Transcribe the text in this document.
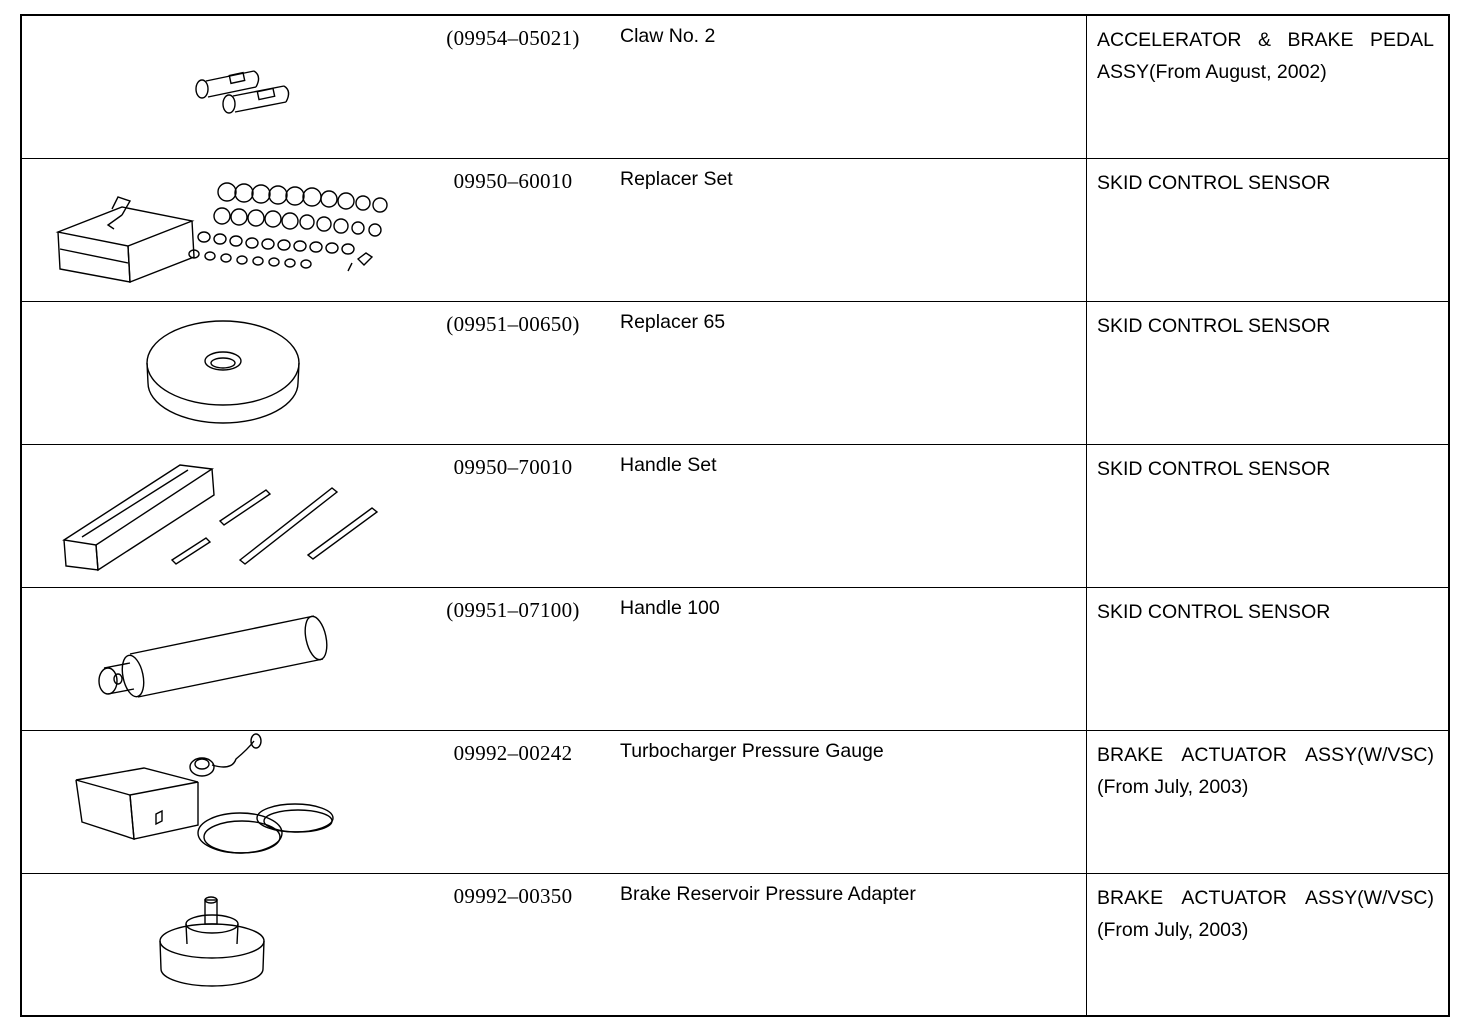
	(09954–05021)	Claw No. 2	ACCELERATOR & BRAKE PEDAL ASSY(From August, 2002)

	09950–60010	Replacer Set	SKID CONTROL SENSOR

	(09951–00650)	Replacer 65	SKID CONTROL SENSOR

	09950–70010	Handle Set	SKID CONTROL SENSOR

	(09951–07100)	Handle 100	SKID CONTROL SENSOR

	09992–00242	Turbocharger Pressure Gauge	BRAKE ACTUATOR ASSY(W/VSC)(From July, 2003)

	09992–00350	Brake Reservoir Pressure Adapter	BRAKE ACTUATOR ASSY(W/VSC)(From July, 2003)
